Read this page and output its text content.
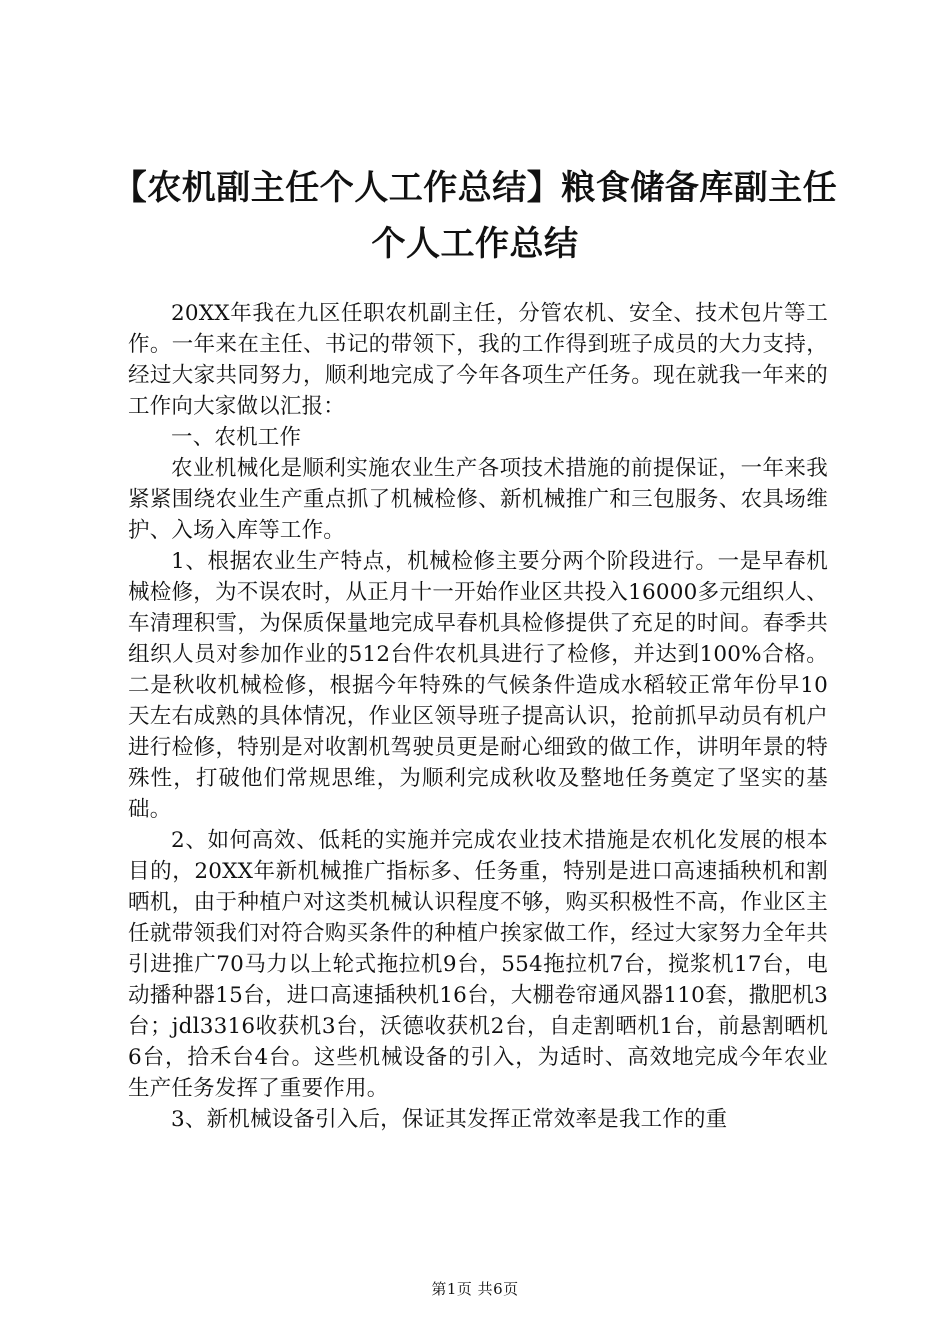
【农机副主任个人工作总结】粮食储备库副主任个人工作总结

20XX年我在九区任职农机副主任，分管农机、安全、技术包片等工作。一年来在主任、书记的带领下，我的工作得到班子成员的大力支持，经过大家共同努力，顺利地完成了今年各项生产任务。现在就我一年来的工作向大家做以汇报：

一、农机工作

农业机械化是顺利实施农业生产各项技术措施的前提保证，一年来我紧紧围绕农业生产重点抓了机械检修、新机械推广和三包服务、农具场维护、入场入库等工作。

1、根据农业生产特点，机械检修主要分两个阶段进行。一是早春机械检修，为不误农时，从正月十一开始作业区共投入16000多元组织人、车清理积雪，为保质保量地完成早春机具检修提供了充足的时间。春季共组织人员对参加作业的512台件农机具进行了检修，并达到100%合格。二是秋收机械检修，根据今年特殊的气候条件造成水稻较正常年份早10天左右成熟的具体情况，作业区领导班子提高认识，抢前抓早动员有机户进行检修，特别是对收割机驾驶员更是耐心细致的做工作，讲明年景的特殊性，打破他们常规思维，为顺利完成秋收及整地任务奠定了坚实的基础。

2、如何高效、低耗的实施并完成农业技术措施是农机化发展的根本目的，20XX年新机械推广指标多、任务重，特别是进口高速插秧机和割晒机，由于种植户对这类机械认识程度不够，购买积极性不高，作业区主任就带领我们对符合购买条件的种植户挨家做工作，经过大家努力全年共引进推广70马力以上轮式拖拉机9台，554拖拉机7台，搅浆机17台，电动播种器15台，进口高速插秧机16台，大棚卷帘通风器110套，撒肥机3台；jdl3316收获机3台，沃德收获机2台，自走割晒机1台，前悬割晒机6台，拾禾台4台。这些机械设备的引入，为适时、高效地完成今年农业生产任务发挥了重要作用。

3、新机械设备引入后，保证其发挥正常效率是我工作的重

第1页 共6页
